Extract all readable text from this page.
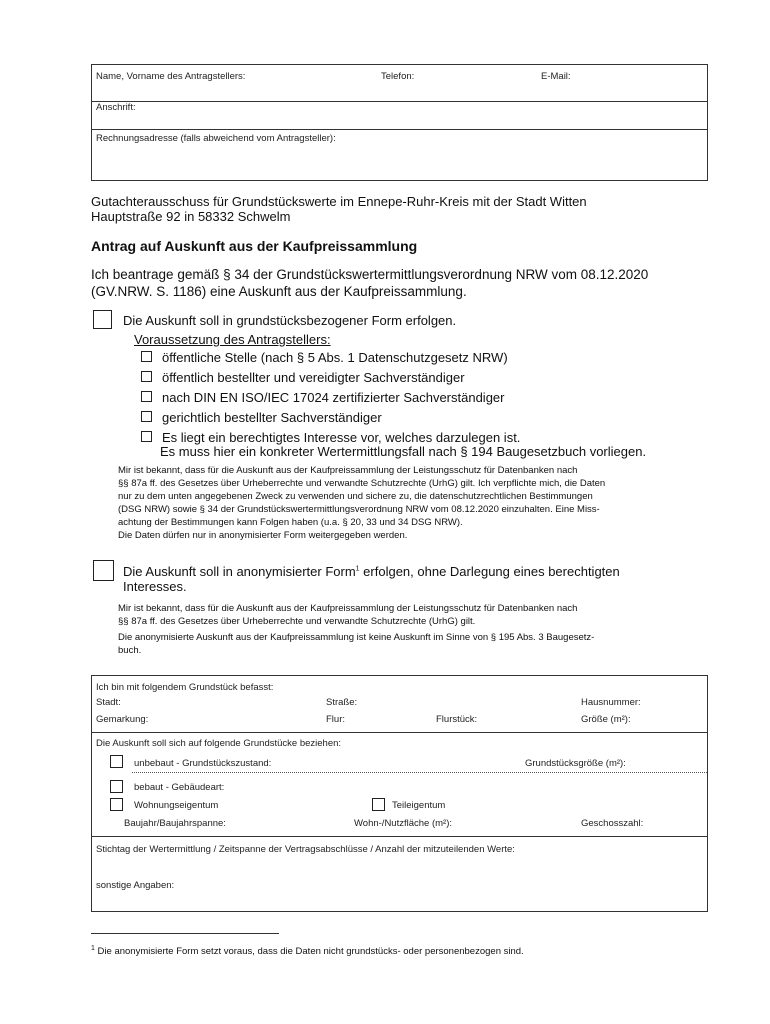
Name, Vorname des Antragstellers:	Telefon:	E-Mail:
Anschrift:
Rechnungsadresse (falls abweichend vom Antragsteller):
Gutachterausschuss für Grundstückswerte im Ennepe-Ruhr-Kreis mit der Stadt Witten
Hauptstraße 92 in 58332 Schwelm
Antrag auf Auskunft aus der Kaufpreissammlung
Ich beantrage gemäß § 34 der Grundstückswertermittlungsverordnung NRW vom 08.12.2020
(GV.NRW. S. 1186) eine Auskunft aus der Kaufpreissammlung.
Die Auskunft soll in grundstücksbezogener Form erfolgen.
Voraussetzung des Antragstellers:
öffentliche Stelle (nach § 5 Abs. 1 Datenschutzgesetz NRW)
öffentlich bestellter und vereidigter Sachverständiger
nach DIN EN ISO/IEC 17024 zertifizierter Sachverständiger
gerichtlich bestellter Sachverständiger
Es liegt ein berechtigtes Interesse vor, welches darzulegen ist.
Es muss hier ein konkreter Wertermittlungsfall nach § 194 Baugesetzbuch vorliegen.
Mir ist bekannt, dass für die Auskunft aus der Kaufpreissammlung der Leistungsschutz für Datenbanken nach
§§ 87a ff. des Gesetzes über Urheberrechte und verwandte Schutzrechte (UrhG) gilt. Ich verpflichte mich, die Daten
nur zu dem unten angegebenen Zweck zu verwenden und sichere zu, die datenschutzrechtlichen Bestimmungen
(DSG NRW) sowie § 34 der Grundstückswertermittlungsverordnung NRW vom 08.12.2020 einzuhalten. Eine Miss-
achtung der Bestimmungen kann Folgen haben (u.a. § 20, 33 und 34 DSG NRW).
Die Daten dürfen nur in anonymisierter Form weitergegeben werden.
Die Auskunft soll in anonymisierter Form$^1$ erfolgen, ohne Darlegung eines berechtigten
Interesses.
Mir ist bekannt, dass für die Auskunft aus der Kaufpreissammlung der Leistungsschutz für Datenbanken nach
§§ 87a ff. des Gesetzes über Urheberrechte und verwandte Schutzrechte (UrhG) gilt.
Die anonymisierte Auskunft aus der Kaufpreissammlung ist keine Auskunft im Sinne von § 195 Abs. 3 Baugesetz-
buch.
Ich bin mit folgendem Grundstück befasst:
Stadt:	Straße:	Hausnummer:
Gemarkung:	Flur:	Flurstück:	Größe (m²):
Die Auskunft soll sich auf folgende Grundstücke beziehen:
unbebaut - Grundstückszustand:	Grundstücksgröße (m²):
bebaut - Gebäudeart:
Wohnungseigentum	Teileigentum
Baujahr/Baujahrspanne:	Wohn-/Nutzfläche (m²):	Geschosszahl:
Stichtag der Wertermittlung / Zeitspanne der Vertragsabschlüsse / Anzahl der mitzuteilenden Werte:
sonstige Angaben:
$^1$ Die anonymisierte Form setzt voraus, dass die Daten nicht grundstücks- oder personenbezogen sind.
